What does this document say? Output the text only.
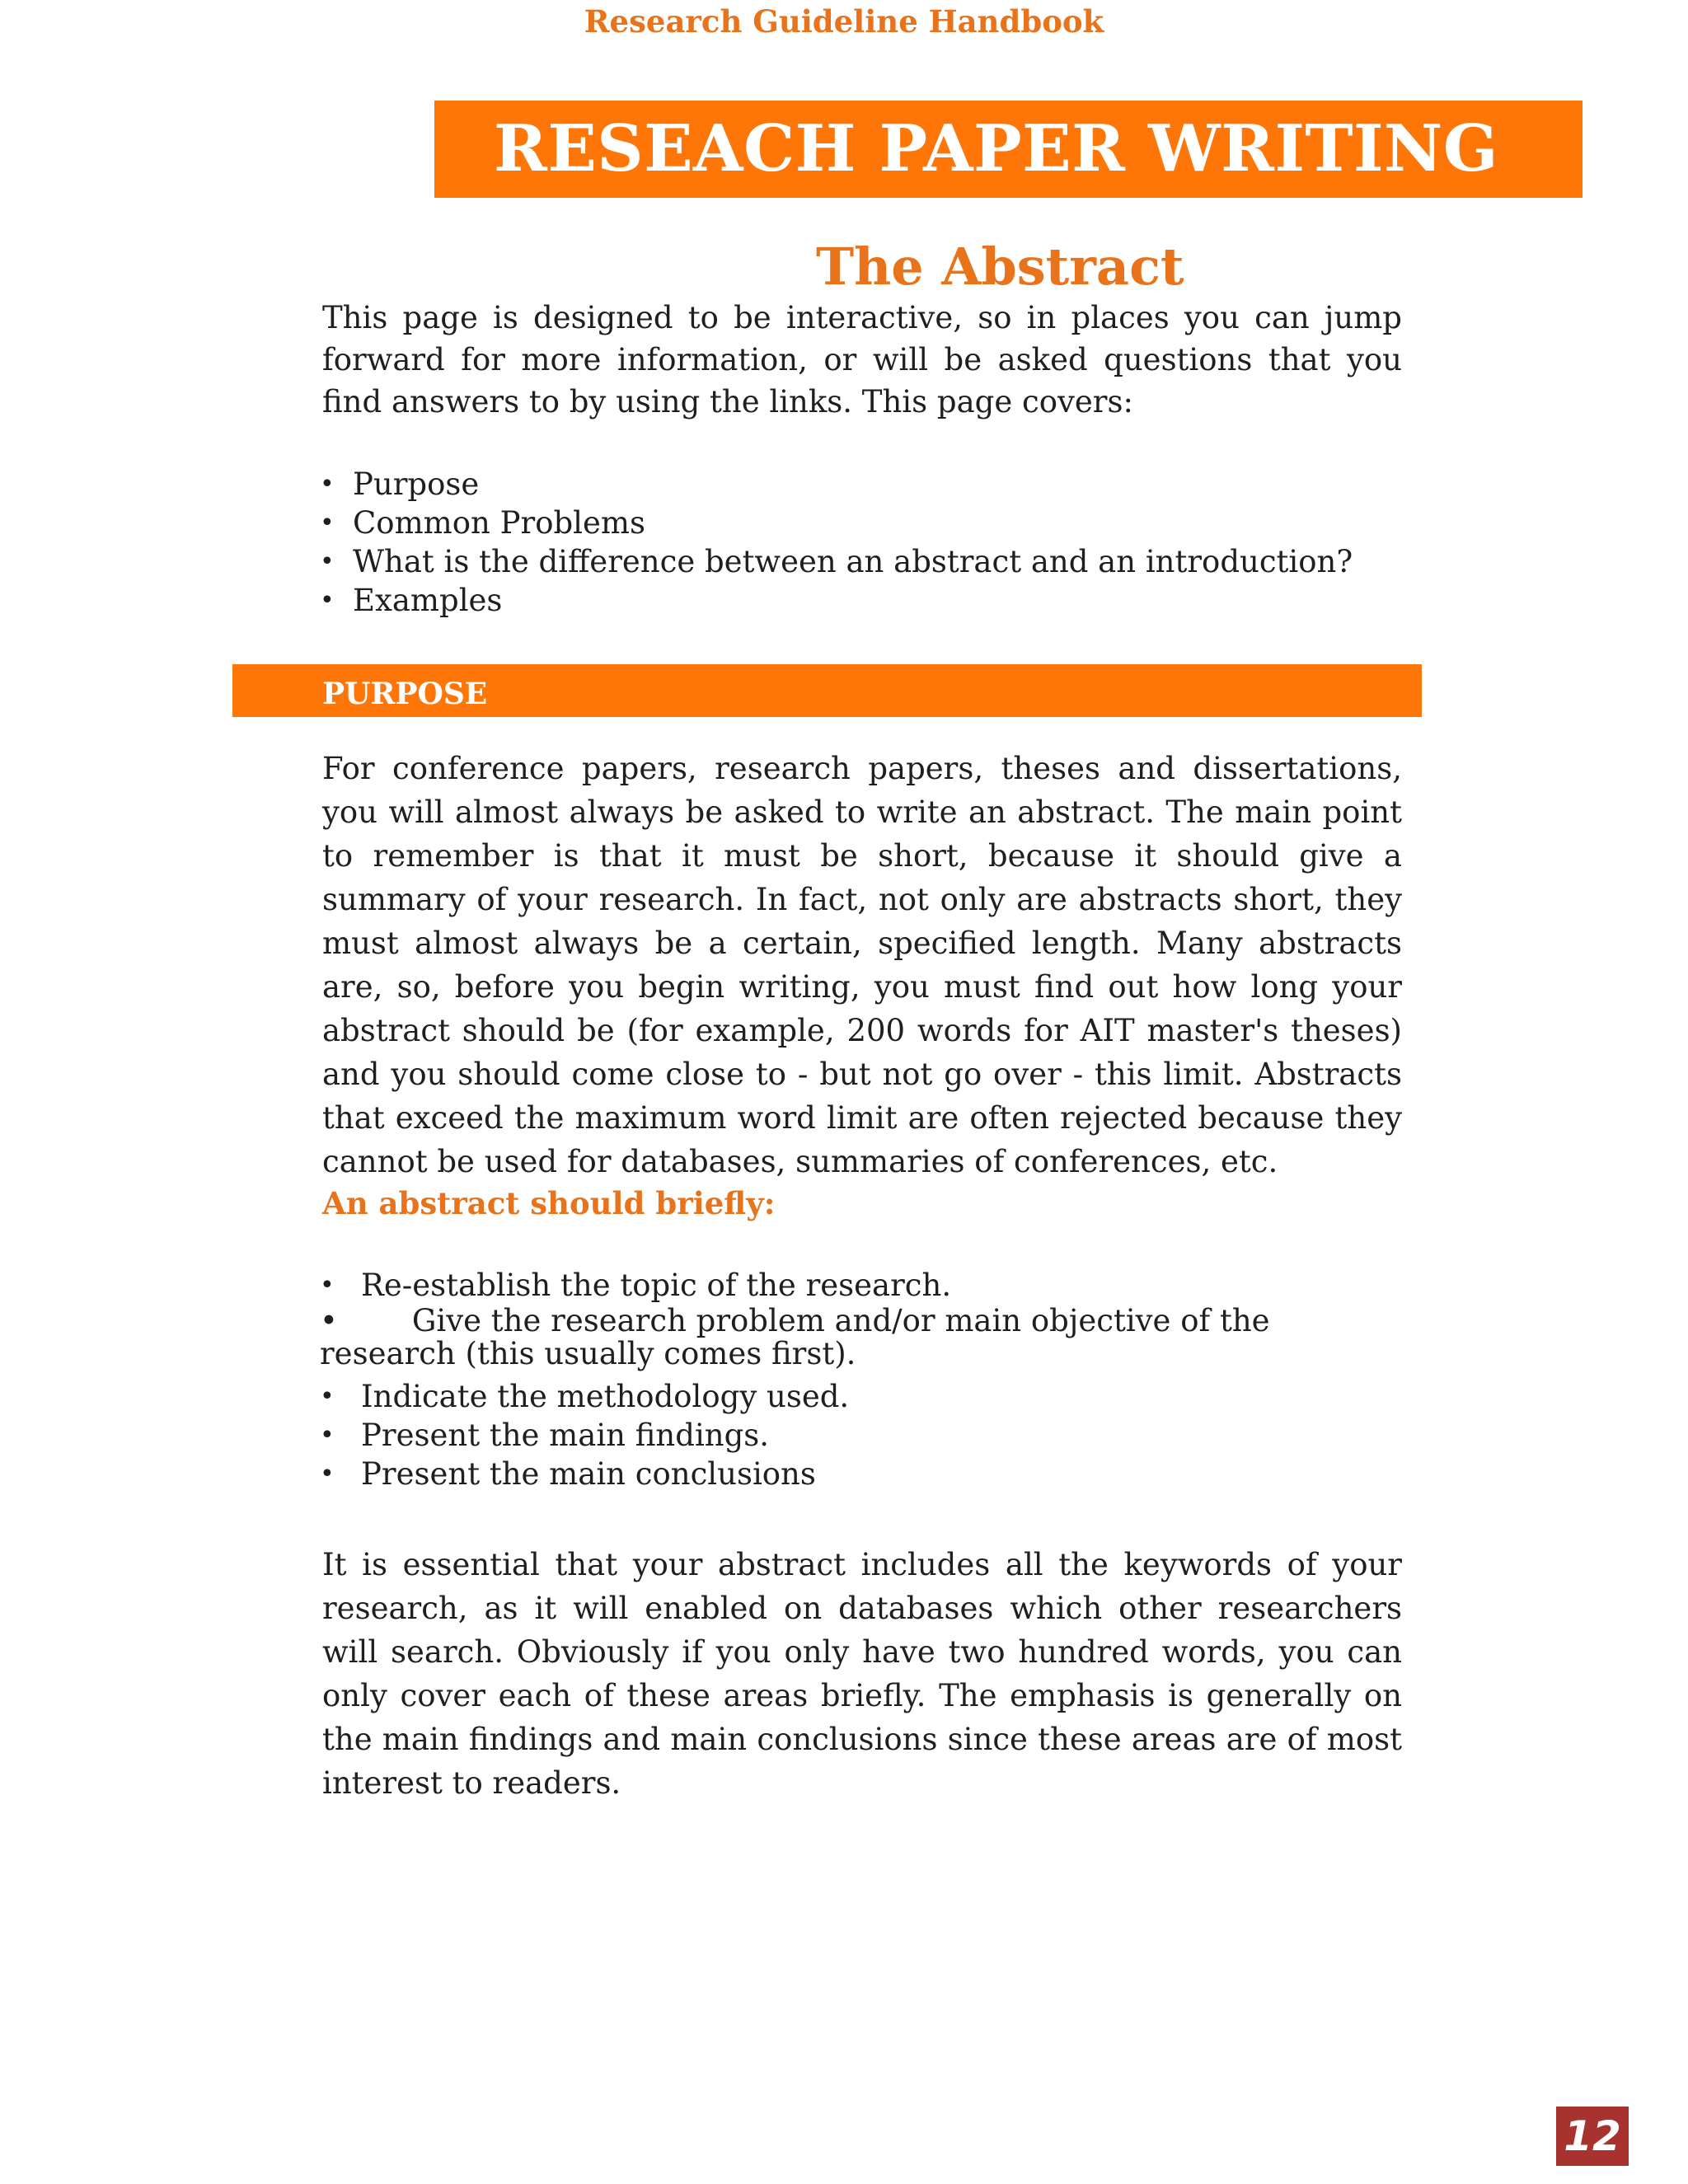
Research Guideline Handbook
RESEACH PAPER WRITING
The Abstract
This page is designed to be interactive, so in places you can jump forward for more information, or will be asked questions that you find answers to by using the links. This page covers:
• Purpose
• Common Problems
• What is the difference between an abstract and an introduction?
• Examples
PURPOSE
For conference papers, research papers, theses and dissertations, you will almost always be asked to write an abstract. The main point to remember is that it must be short, because it should give a summary of your research. In fact, not only are abstracts short, they must almost always be a certain, specified length. Many abstracts are, so, before you begin writing, you must find out how long your abstract should be (for example, 200 words for AIT master's theses) and you should come close to - but not go over - this limit. Abstracts that exceed the maximum word limit are often rejected because they cannot be used for databases, summaries of conferences, etc.
An abstract should briefly:
• Re-establish the topic of the research.
• Give the research problem and/or main objective of the research (this usually comes first).
• Indicate the methodology used.
• Present the main findings.
• Present the main conclusions
It is essential that your abstract includes all the keywords of your research, as it will enabled on databases which other researchers will search. Obviously if you only have two hundred words, you can only cover each of these areas briefly. The emphasis is generally on the main findings and main conclusions since these areas are of most interest to readers.
12
